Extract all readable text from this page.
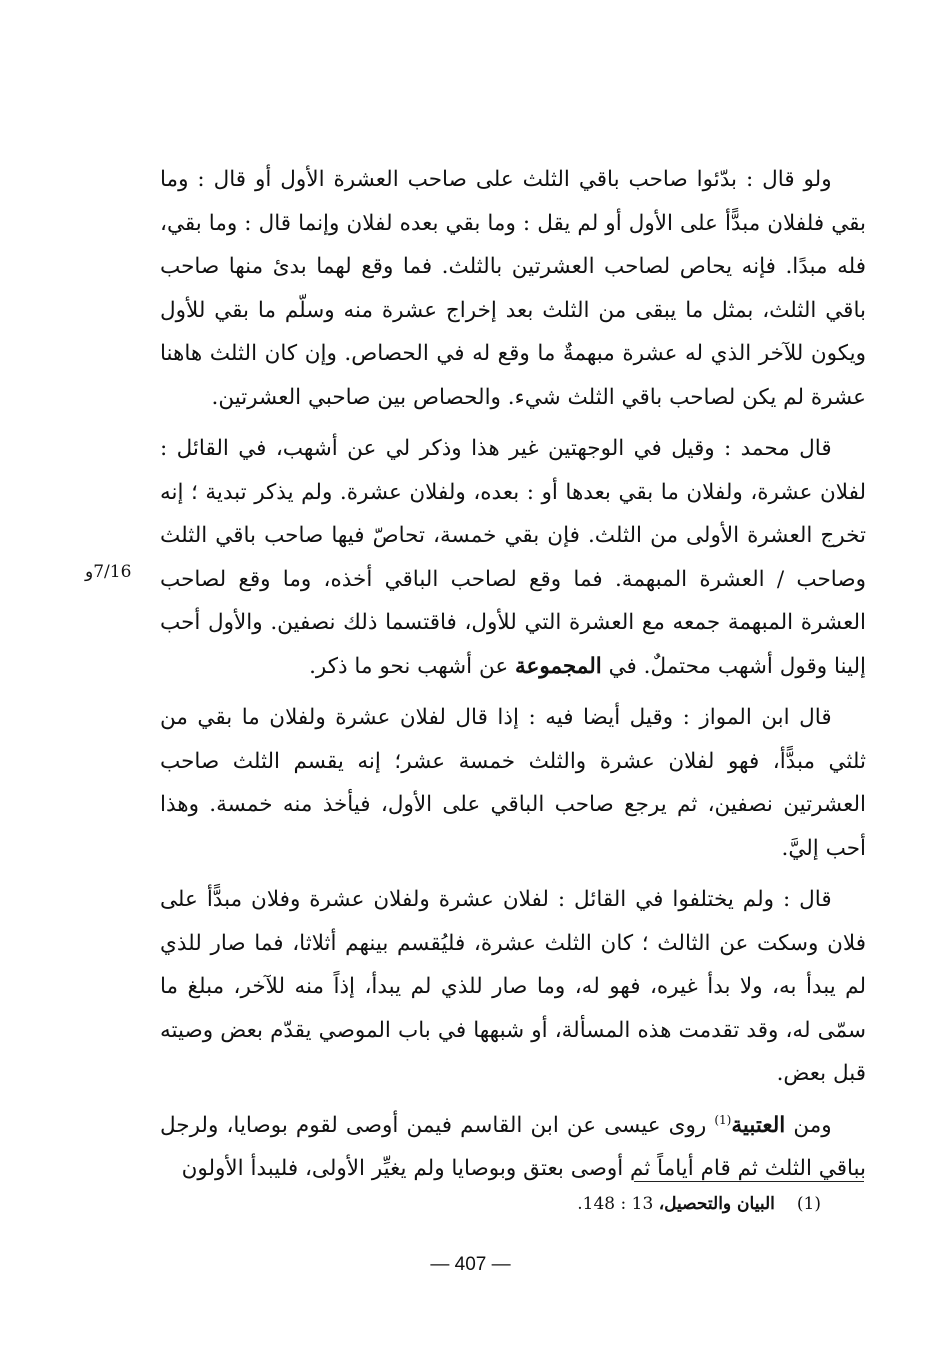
ولو قال : بدّئوا صاحب باقي الثلث على صاحب العشرة الأول أو قال : وما بقي فلفلان مبدًّأ على الأول أو لم يقل : وما بقي بعده لفلان وإنما قال : وما بقي، فله مبدًا. فإنه يحاص لصاحب العشرتين بالثلث. فما وقع لهما بدئ منها صاحب باقي الثلث، بمثل ما يبقى من الثلث بعد إخراج عشرة منه وسلّم ما بقي للأول ويكون للآخر الذي له عشرة مبهمةٌ ما وقع له في الحصاص. وإن كان الثلث هاهنا عشرة لم يكن لصاحب باقي الثلث شيء. والحصاص بين صاحبي العشرتين.

قال محمد : وقيل في الوجهتين غير هذا وذكر لي عن أشهب، في القائل : لفلان عشرة، ولفلان ما بقي بعدها أو : بعده، ولفلان عشرة. ولم يذكر تبدية ؛ إنه تخرج العشرة الأولى من الثلث. فإن بقي خمسة، تحاصّ فيها صاحب باقي الثلث وصاحب / العشرة المبهمة. فما وقع لصاحب الباقي أخذه، وما وقع لصاحب العشرة المبهمة جمعه مع العشرة التي للأول، فاقتسما ذلك نصفين. والأول أحب إلينا وقول أشهب محتملٌ. في المجموعة عن أشهب نحو ما ذكر.

قال ابن المواز : وقيل أيضا فيه : إذا قال لفلان عشرة ولفلان ما بقي من ثلثي مبدًّأ، فهو لفلان عشرة والثلث خمسة عشر؛ إنه يقسم الثلث صاحب العشرتين نصفين، ثم يرجع صاحب الباقي على الأول، فيأخذ منه خمسة. وهذا أحب إليَّ.

قال : ولم يختلفوا في القائل : لفلان عشرة ولفلان عشرة وفلان مبدًّأ على فلان وسكت عن الثالث ؛ كان الثلث عشرة، فليُقسم بينهم أثلاثا، فما صار للذي لم يبدأ به، ولا بدأ غيره، فهو له، وما صار للذي لم يبدأ، إذاً منه للآخر، مبلغ ما سمّى له، وقد تقدمت هذه المسألة، أو شبهها في باب الموصي يقدّم بعض وصيته قبل بعض.

ومن العتبية$^{(1)}$ روى عيسى عن ابن القاسم فيمن أوصى لقوم بوصايا، ولرجل بباقي الثلث ثم قام أياماً ثم أوصى بعتق وبوصايا ولم يغيِّر الأولى، فليبدأ الأولون

7/16و
(1)البيان والتحصيل، 13 : 148.
— 407 —
